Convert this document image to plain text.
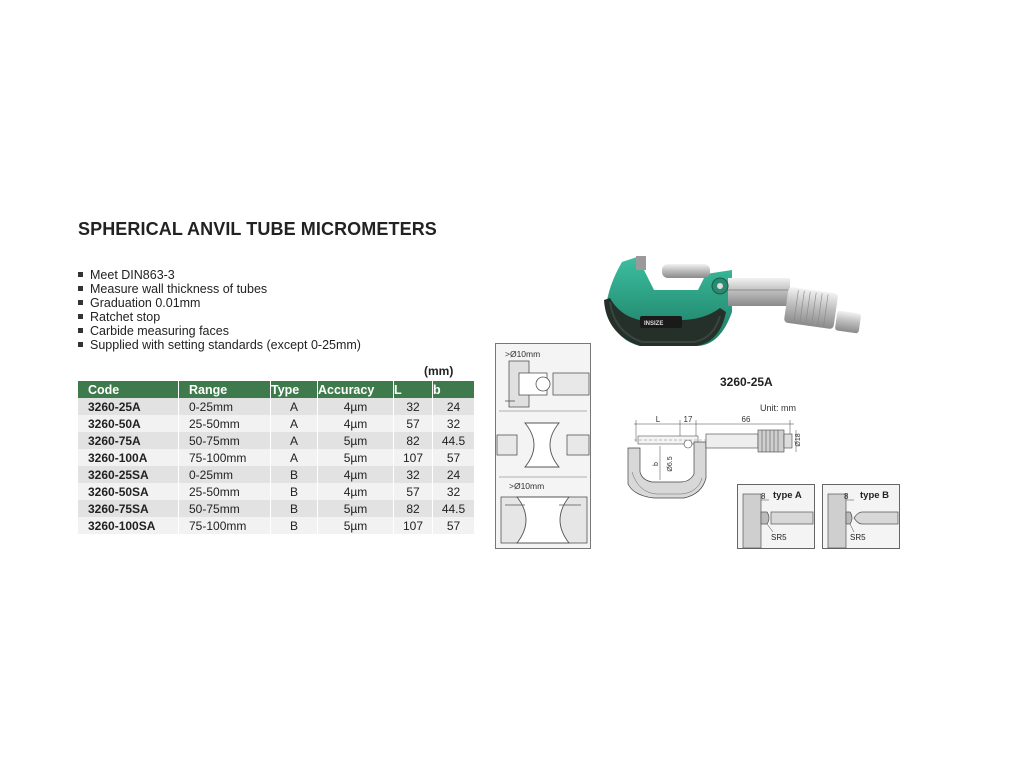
SPHERICAL ANVIL TUBE MICROMETERS
Meet DIN863-3
Measure wall thickness of tubes
Graduation 0.01mm
Ratchet stop
Carbide measuring faces
Supplied with setting standards (except 0-25mm)
(mm)
Code	Range	Type	Accuracy	L	b
3260-25A	0-25mm	A	4µm	32	24
3260-50A	25-50mm	A	4µm	57	32
3260-75A	50-75mm	A	5µm	82	44.5
3260-100A	75-100mm	A	5µm	107	57
3260-25SA	0-25mm	B	4µm	32	24
3260-50SA	25-50mm	B	4µm	57	32
3260-75SA	50-75mm	B	5µm	82	44.5
3260-100SA	75-100mm	B	5µm	107	57
>Ø10mm
>Ø10mm
INSIZE
3260-25A
Unit: mm
L	17	66
b Ø6.5
Ø18
8 type A
SR5
8 type B
SR5
